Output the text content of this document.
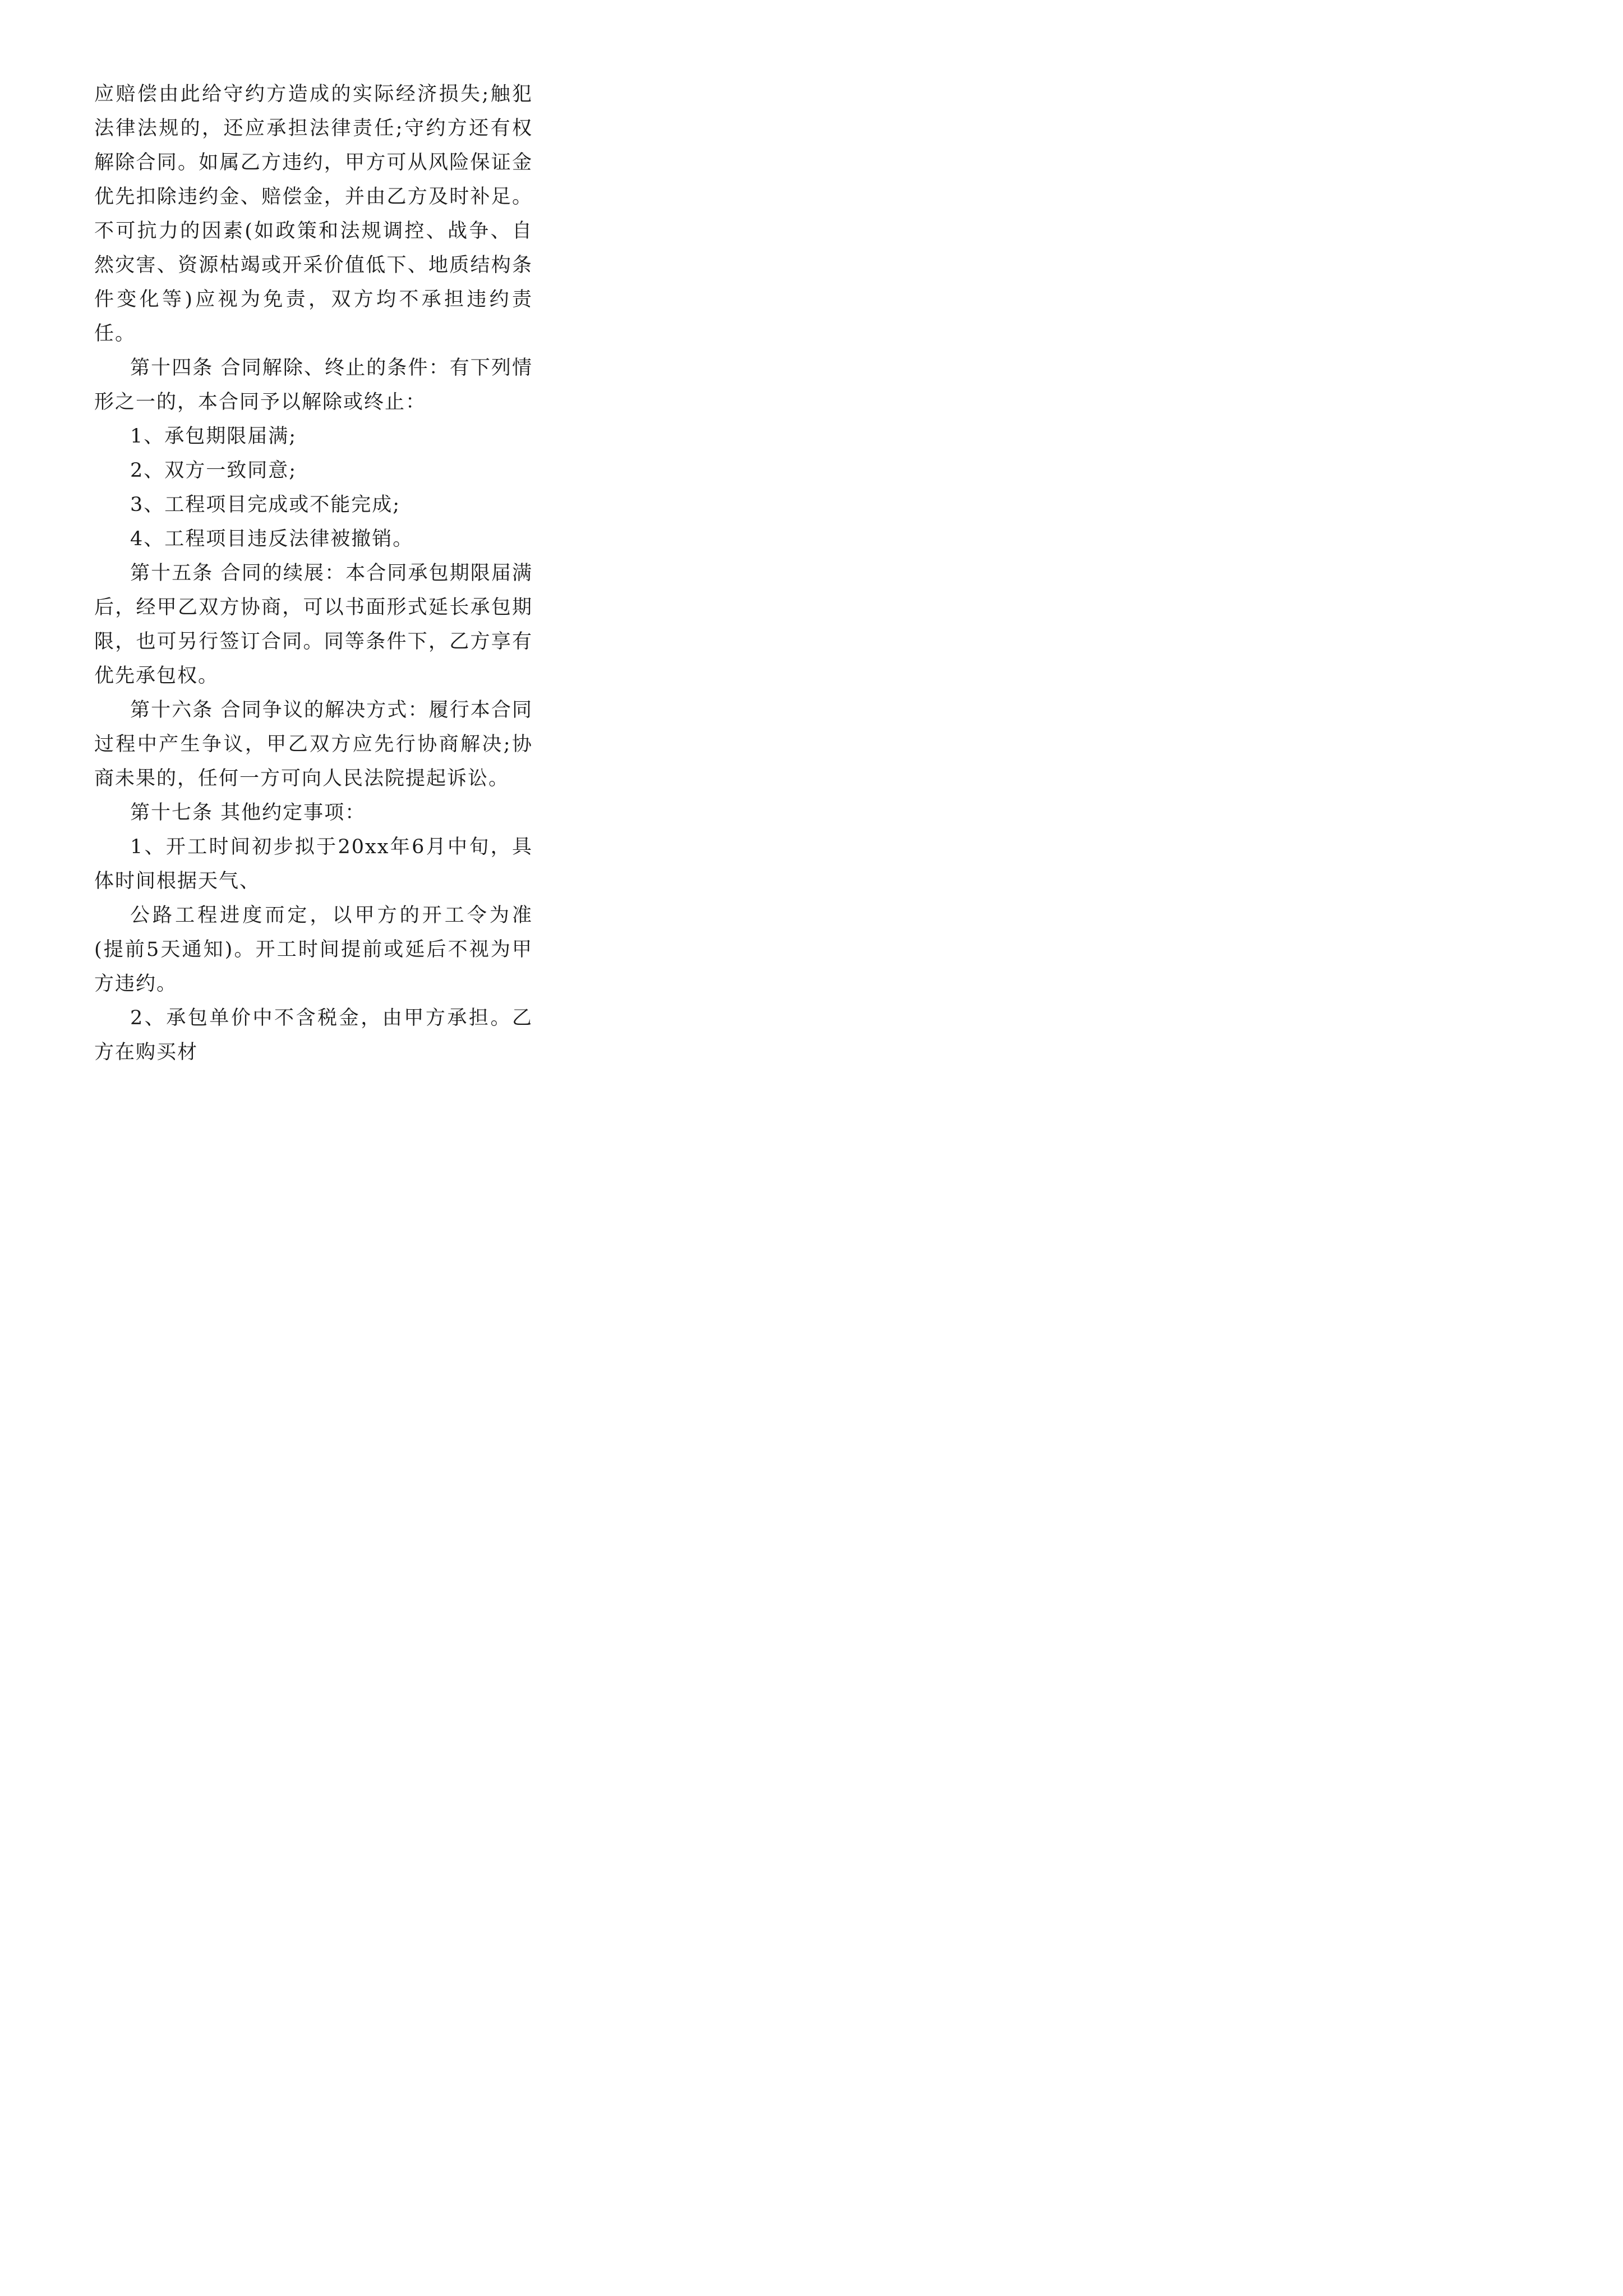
应赔偿由此给守约方造成的实际经济损失;触犯法律法规的，还应承担法律责任;守约方还有权解除合同。如属乙方违约，甲方可从风险保证金优先扣除违约金、赔偿金，并由乙方及时补足。不可抗力的因素(如政策和法规调控、战争、自然灾害、资源枯竭或开采价值低下、地质结构条件变化等)应视为免责，双方均不承担违约责任。

第十四条 合同解除、终止的条件：有下列情形之一的，本合同予以解除或终止：

1、承包期限届满;

2、双方一致同意;

3、工程项目完成或不能完成;

4、工程项目违反法律被撤销。

第十五条 合同的续展：本合同承包期限届满后，经甲乙双方协商，可以书面形式延长承包期限，也可另行签订合同。同等条件下，乙方享有优先承包权。

第十六条 合同争议的解决方式：履行本合同过程中产生争议，甲乙双方应先行协商解决;协商未果的，任何一方可向人民法院提起诉讼。

第十七条 其他约定事项：

1、开工时间初步拟于20xx年6月中旬，具体时间根据天气、

公路工程进度而定，以甲方的开工令为准(提前5天通知)。开工时间提前或延后不视为甲方违约。

2、承包单价中不含税金，由甲方承担。乙方在购买材
